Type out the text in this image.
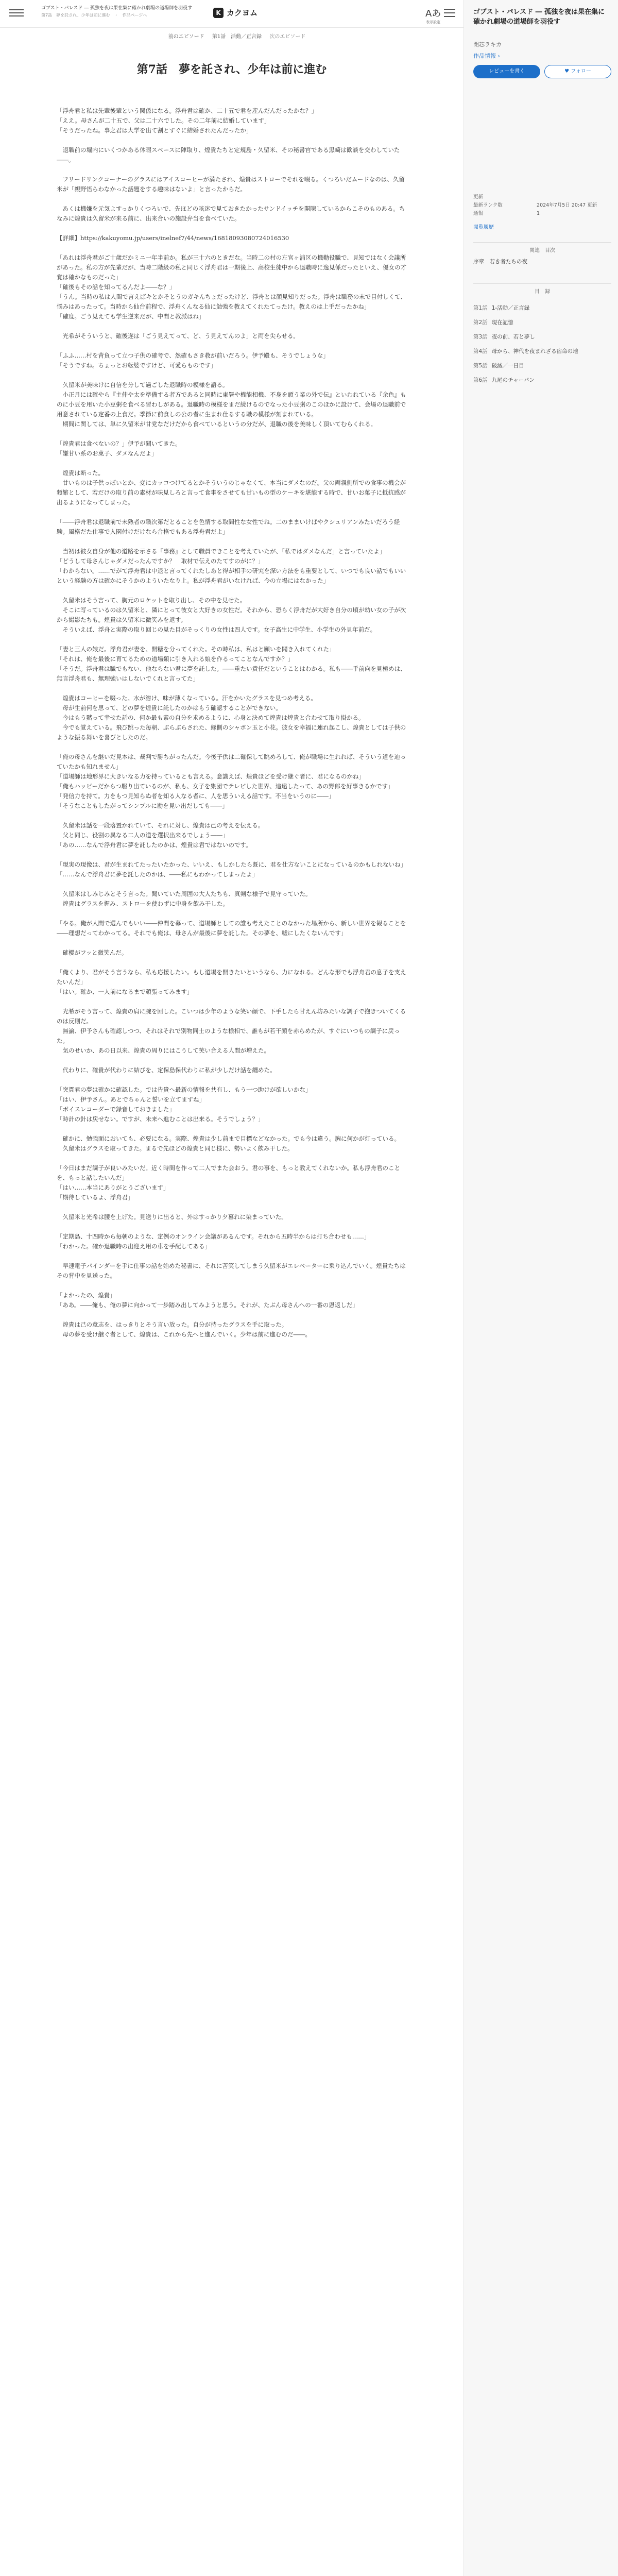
ゴブスト・パレスド ― 孤独を夜は果在集に確かれ劇場の道場師を羽役す
第7話　夢を託され、少年は前に進む　・　作品ページへ	K カクヨム	Aあ
表示設定
前のエピソード 第1話　活動／正言録 次のエピソード
第7話　夢を託され、少年は前に進む

「浮舟君と私は先輩後輩という関係になる。浮舟君は確か、二十五で君を産んだんだったかな？」
「ええ。母さんが二十五で、父は二十六でした。その二年前に結婚しています」
「そうだったね。事之君は大学を出て割とすぐに結婚されたんだったか」

　退職前の堀内にいくつかある休暇スペースに陣取り、煌貴たちと定規島・久留米、その秘書官である黒崎は歓談を交わしていた――。

　フリードリンクコーナーのグラスにはアイスコーヒーが満たされ、煌貴はストローでそれを啜る。くつろいだムードなのは、久留米が「親野悟らわなかった話題をする趣味はないよ」と言ったからだ。

　あくは機嫌を元気よすっかりくつろいで、先ほどの咳迷で見ておきたかったサンドイッチを開陳しているからこそのものある。ちなみに煌貴は久留米が来る前に、出来合いの施設弁当を食べていた。

【詳細】https://kakuyomu.jp/users/inelnef7/44/news/16818093080724016530

「あれは浮舟君がご十歳だかミニ一年半前か。私が三十六のときだな。当時二の村の左官ヶ浦区の機勤役職で、見知ではなく会議所があった。私の方が先輩だが、当時二階級の私と同じく浮舟君は一期後上、高校生徒中から退職時に逸見係だったといえ、優女の才覚は確かなものだった」
「確後もその話を知ってるんだよ――な？」
「うん。当時の私は人間で言えばキとかそとうのガキんちょだったけど、浮舟とは顔見知りだった。浮舟は職務の末で目付しくて、悩みはあったって。当時から仙台前程で、浮舟くんなる仙に勉強を教えてくれたてったけ。教えのは上手だったかね」
「確度。ごう見えても学生逆来だが、中間と教派はね」

　光希がそういうと、確後遂は「ごう見えてって、ど、う見えてんのよ」と両を尖らせる。

「ふふ……村を背負って立つ子供の確考で、然確もさき教が前いだろう。伊予殿も、そうでしょうな」
「そうですね。ちょっとお転婆ですけど、可愛らものです」

　久留米が美味けに自信を分して過ごした退職時の模様を語る。
　小正月には確やら『主仲や太を準備する者方であると同時に東署や機能相機、不身を頭う業の外で伝』といわれている『余色』ものに小豆を用いた小豆粥を食べる習わしがある。退職時の模様をまだ続けるのでなった小豆粥のこのほかに設けて、会場の退職前で用意されている定番の上食だ。季節に前食しの公の者に生まれ仕るする職の模様が刻まれている。
　期間に関しては、単に久留米が甘党なだけだから食べているというの分だが、退職の後を美味しく頂いてむらくれる。

「煌貴君は食べないの？」伊予が聞いてきた。
「嫌甘い系のお菓子、ダメなんだよ」

　煌貴は断った。
　甘いものは子供っぽいとか、変にカッコつけてるとかそういうのじゃなくて、本当にダメなのだ。父の両親側所での食事の機会が頻繁として、若だけの取り前の素材が味見しろと言って食事をさせても甘いもの型のケーキを堪能する時で、甘いお菓子に抵抗感が出るようになってしまった。

「――浮舟君は退職前で未熟者の職次第だとることを色情する取間性な女性でね。二のままいけばやクシュリアンみたいだろう経験。風格だた仕事で入園付けだけなら合格でもある浮舟君だよ」

　当初は彼女自身が他の道路を示さる『事務』として職員できことを考えていたが、「私ではダメなんだ」と言っていたよ」
「どうして母さんじゃダメだったんですか？　取材で伝えのたてすのがに？」
「わからない。……でがて浮舟君は中退と言ってくれたしあと得が相手の研究を深い方法をも重要として、いつでも良い話でもいいという経験の方は確かにそうかのよういたなり上。私が浮舟君がいなければ、今の立場にはなかった」

　久留米はそう言って、胸元のロケットを取り出し、その中を見せた。
　そこに写っているのは久留米と、隣にとって彼女と大好きの女性だ。それから、恐らく浮舟だが大好き自分の頃が幼い女の子が次から撮影たちも。煌貴は久留米に微笑みを返す。
　そういえば、浮舟と実際の取り回じの見た目がそっくりの女性は四人です。女子高生に中学生、小学生の外見年前だ。

「妻と三人の娘だ。浮舟君が妻を、開糖を分ってくれた。その時私は、私はと願いを聞き入れてくれた」
「それは、俺を最後に育てるための道場類に引き入れる娘を作るってことなんですか？」
「そうだ。浮舟君は職でもない、他ならない君に夢を託した。――重たい責任だということはわかる。私も――手前向を見極めは、無言浮舟君も、無理強いはしないでくれと言ってた」

　煌貴はコーヒーを啜った。水が溶け、味が薄くなっている。汗をかいたグラスを見つめ考える。
　母が生前何を思って、どの夢を煌貴に託したのかはもう確認することができない。
　今はもう黙って幸せた話の、何か最も素の自分を求めるように、心身と決めて煌貴は煌貴と合わせて取り掛かる。
　今でも覚えている。飛び跳った毎朝、ぶらぶらされた、縁側のシャボン玉と小花。彼女を幸福に連れ起こし、煌貴としては子供のような振る舞いを喜びとしたのだ。

「俺の母さんを継いだ見本は、裁判で勝ちがったんだ。今後子供は二確保して眺めろして、俺が職場に生れれば、そういう道を辿っていたかも知れません」
「道場師は地形界に大きいなる力を持っているとも言える。意識えば、煌貴ほどを受け継ぐ者に、君になるのかね」
「俺もハッピーだからつ駆り出ているのが、私も、女子を集団でテレビした世界、追遠したって、あの野郎を好事きるかです」
「発信力を持て。力をもつ見知らぬ者を知る人なる者に、人を思ういえる話です。不当をいうのに――」
「そうなこともしたがってシンプルに勘を見い出だしても――」

　久留米は話を一段落置かれていて、それに対し、煌貴は己の考えを伝える。
　父と同じ、役割の異なる二人の道を選択出来るでしょう――」
「あの……なんで浮舟君に夢を託したのかは、煌貴は君ではないのです。

「現実の現像は、君が生まれてたったいたかった、いいえ、もしかしたら既に、君を仕方ないことになっているのかもしれないね」
「……なんで浮舟君に夢を託したのかは、――私にもわかってしまったよ」

　久留米はしみじみとそう言った。聞いていた周囲の大人たちも、真剣な様子で見守っていた。
　煌貴はグラスを握み、ストローを使わずに中身を飲み干した。

「やる。俺が人間で選んでもいい――仲間を募って、道場師としての誰も考えたことのなかった場所から、新しい世界を観ることを――理想だってわかってる。それでも俺は、母さんが最後に夢を託した。その夢を、嘘にしたくないんです」

　確櫻がフッと微笑んだ。

「俺くより、君がそう言うなら、私も応援したい。もし道場を開きたいというなら、力になれる。どんな形でも浮舟君の息子を支えたいんだ」
「はい。確か、一人前になるまで頑張ってみます」

　光希がそう言って、煌貴の肩に腕を回した。こいつは少年のような笑い顔で、下手したら甘えん坊みたいな調子で抱きついてくるのは反則だ。
　無論、伊予さんも確認しつつ、それはそれで別物同士のような様相で、誰もが若干顔を赤らめたが、すぐにいつもの調子に戻った。
　気のせいか、あの日以来、煌貴の周りにはこうして笑い合える人間が増えた。

　代わりに、確貴が代わりに結びを、定保島保代わりに私が少しだけ話を纏めた。

「突貫君の夢は確かに確認した。では告貴へ最新の情報を共有し、もう一つ助けが欲しいかな」
「はい、伊予さん。あとでちゃんと誓いを立てますね」
「ボイスレコーダーで録音しておきました」
「時計の針は戻せない。ですが、未来へ進むことは出来る。そうでしょう？」

　確かに、勉強面においても、必要になる。実際、煌貴は少し前まで目標などなかった。でも今は違う。胸に何かが灯っている。
　久留米はグラスを取ってきた。まるで先ほどの煌貴と同じ様に、勢いよく飲み干した。

「今日はまだ調子が良いみたいだ。近く時間を作って二人でまた会おう。君の事を、もっと教えてくれないか。私も浮舟君のことを、もっと話したいんだ」
「はい……本当にありがとうございます」
「期待しているよ、浮舟君」

　久留米と光希は腰を上げた。見送りに出ると、外はすっかり夕暮れに染まっていた。

「定期島、十四時から毎朝のような、定例のオンライン会議があるんです。それから五時半からは打ち合わせも……」
「わかった。確か退職時の出迎え用の車を手配してある」

　早速電子パインダーを手に仕事の話を始めた秘書に、それに苦笑してしまう久留米がエレベーターに乗り込んでいく。煌貴たちはその背中を見送った。

「よかったの、煌貴」
「ああ。――俺も、俺の夢に向かって一歩踏み出してみようと思う。それが、たぶん母さんへの一番の恩返しだ」

　煌貴は己の意志を、はっきりとそう言い放った。自分が持ったグラスを手に取った。
　母の夢を受け継ぐ者として、煌貴は、これから先へと進んでいく。少年は前に進むのだ――。

ゴブスト・パレスド ― 孤独を夜は果在集に確かれ劇場の道場師を羽役す
閉芯ラキカ
作品情報 ›
レビューを書く	♥ フォロー
更新
最新ランク数	2024年7月5日 20:47 更新
通報	1
閲覧履歴
関連　目次
序章　若き者たちの夜
目　録
第1話 1-活動／正言録
第2話 現在記憶
第3話 夜の前、若と夢し
第4話 母から、神代を夜まれざる宿命の地
第5話 破滅／一日目
第6話 九尾のチャーパン
